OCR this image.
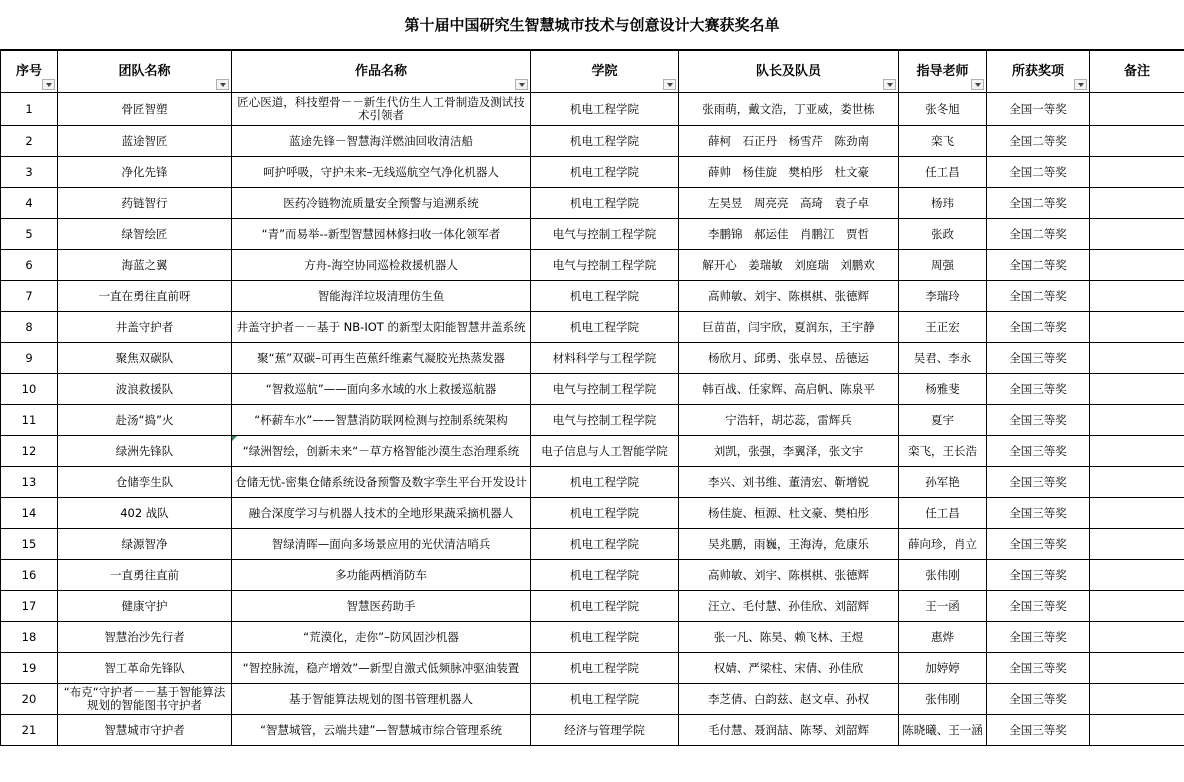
第十届中国研究生智慧城市技术与创意设计大赛获奖名单
序号	团队名称	作品名称	学院	队长及队员	指导老师	所获奖项	备注
1	骨匠智塑	匠心医道，科技塑骨－－新生代仿生人工骨制造及测试技术引领者	机电工程学院	张雨萌，戴文浩，丁亚威，娄世栋	张冬旭	全国一等奖	
2	蓝途智匠	蓝途先锋－智慧海洋燃油回收清洁船	机电工程学院	薛柯　石正丹　杨雪芹　陈劲南	栾飞	全国二等奖	
3	净化先锋	呵护呼吸，守护未来–无线巡航空气净化机器人	机电工程学院	薛帅　杨佳旋　樊柏彤　杜文豪	任工昌	全国二等奖	
4	药链智行	医药冷链物流质量安全预警与追溯系统	机电工程学院	左昊昱　周亮亮　高琦　袁子卓	杨玮	全国二等奖	
5	绿智绘匠	“青”而易举--新型智慧园林修扫收一体化领军者	电气与控制工程学院	李鹏锦　郝运佳　肖鹏江　贾哲	张政	全国二等奖	
6	海蓝之翼	方舟-海空协同巡检救援机器人	电气与控制工程学院	解开心　姜瑞敏　刘庭瑞　刘鹏欢	周强	全国二等奖	
7	一直在勇往直前呀	智能海洋垃圾清理仿生鱼	机电工程学院	高帅敏、刘宇、陈棋棋、张德辉	李瑞玲	全国二等奖	
8	井盖守护者	井盖守护者－－基于 NB-IOT 的新型太阳能智慧井盖系统	机电工程学院	巨苗苗，闫宇欣，夏润东，王宇静	王正宏	全国二等奖	
9	聚焦双碳队	聚“蕉”双碳–可再生芭蕉纤维素气凝胶光热蒸发器	材料科学与工程学院	杨欣月、邱勇、张卓昱、岳德运	吴君、李永	全国三等奖	
10	波浪救援队	“智救巡航”——面向多水域的水上救援巡航器	电气与控制工程学院	韩百战、任家辉、高启帆、陈泉平	杨雅斐	全国三等奖	
11	赴汤“捣”火	“杯薪车水”——智慧消防联网检测与控制系统架构	电气与控制工程学院	宁浩轩，胡芯蕊，雷辉兵	夏宇	全国三等奖	
12	绿洲先锋队	“绿洲智绘，创新未来“－草方格智能沙漠生态治理系统	电子信息与人工智能学院	刘凯，张强，李翼泽，张文宇	栾飞，王长浩	全国三等奖	
13	仓储孪生队	仓储无忧-密集仓储系统设备预警及数字孪生平台开发设计	机电工程学院	李兴、刘书维、董清宏、靳增锐	孙军艳	全国三等奖	
14	402 战队	融合深度学习与机器人技术的全地形果蔬采摘机器人	机电工程学院	杨佳旋、桓源、杜文豪、樊柏彤	任工昌	全国三等奖	
15	绿源智净	智绿清晖—面向多场景应用的光伏清洁哨兵	机电工程学院	吴兆鹏，雨巍，王海涛，危康乐	薛向珍，肖立	全国三等奖	
16	一直勇往直前	多功能两栖消防车	机电工程学院	高帅敏、刘宇、陈棋棋、张德辉	张伟刚	全国三等奖	
17	健康守护	智慧医药助手	机电工程学院	汪立、毛付慧、孙佳欣、刘韶辉	王一函	全国三等奖	
18	智慧治沙先行者	“荒漠化，走你”–防风固沙机器	机电工程学院	张一凡、陈昊、赖飞林、王煜	惠烨	全国三等奖	
19	智工革命先锋队	“智控脉流，稳产增效”—新型自激式低频脉冲驱油装置	机电工程学院	权婧、严梁柱、宋倩、孙佳欣	加婷婷	全国三等奖	
20	“布克“守护者－－基于智能算法规划的智能图书守护者	基于智能算法规划的图书管理机器人	机电工程学院	李芝倩、白韵兹、赵文卓、孙权	张伟刚	全国三等奖	
21	智慧城市守护者	“智慧城管，云端共建”—智慧城市综合管理系统	经济与管理学院	毛付慧、聂润喆、陈琴、刘韶辉	陈晓曦、王一涵	全国三等奖	
